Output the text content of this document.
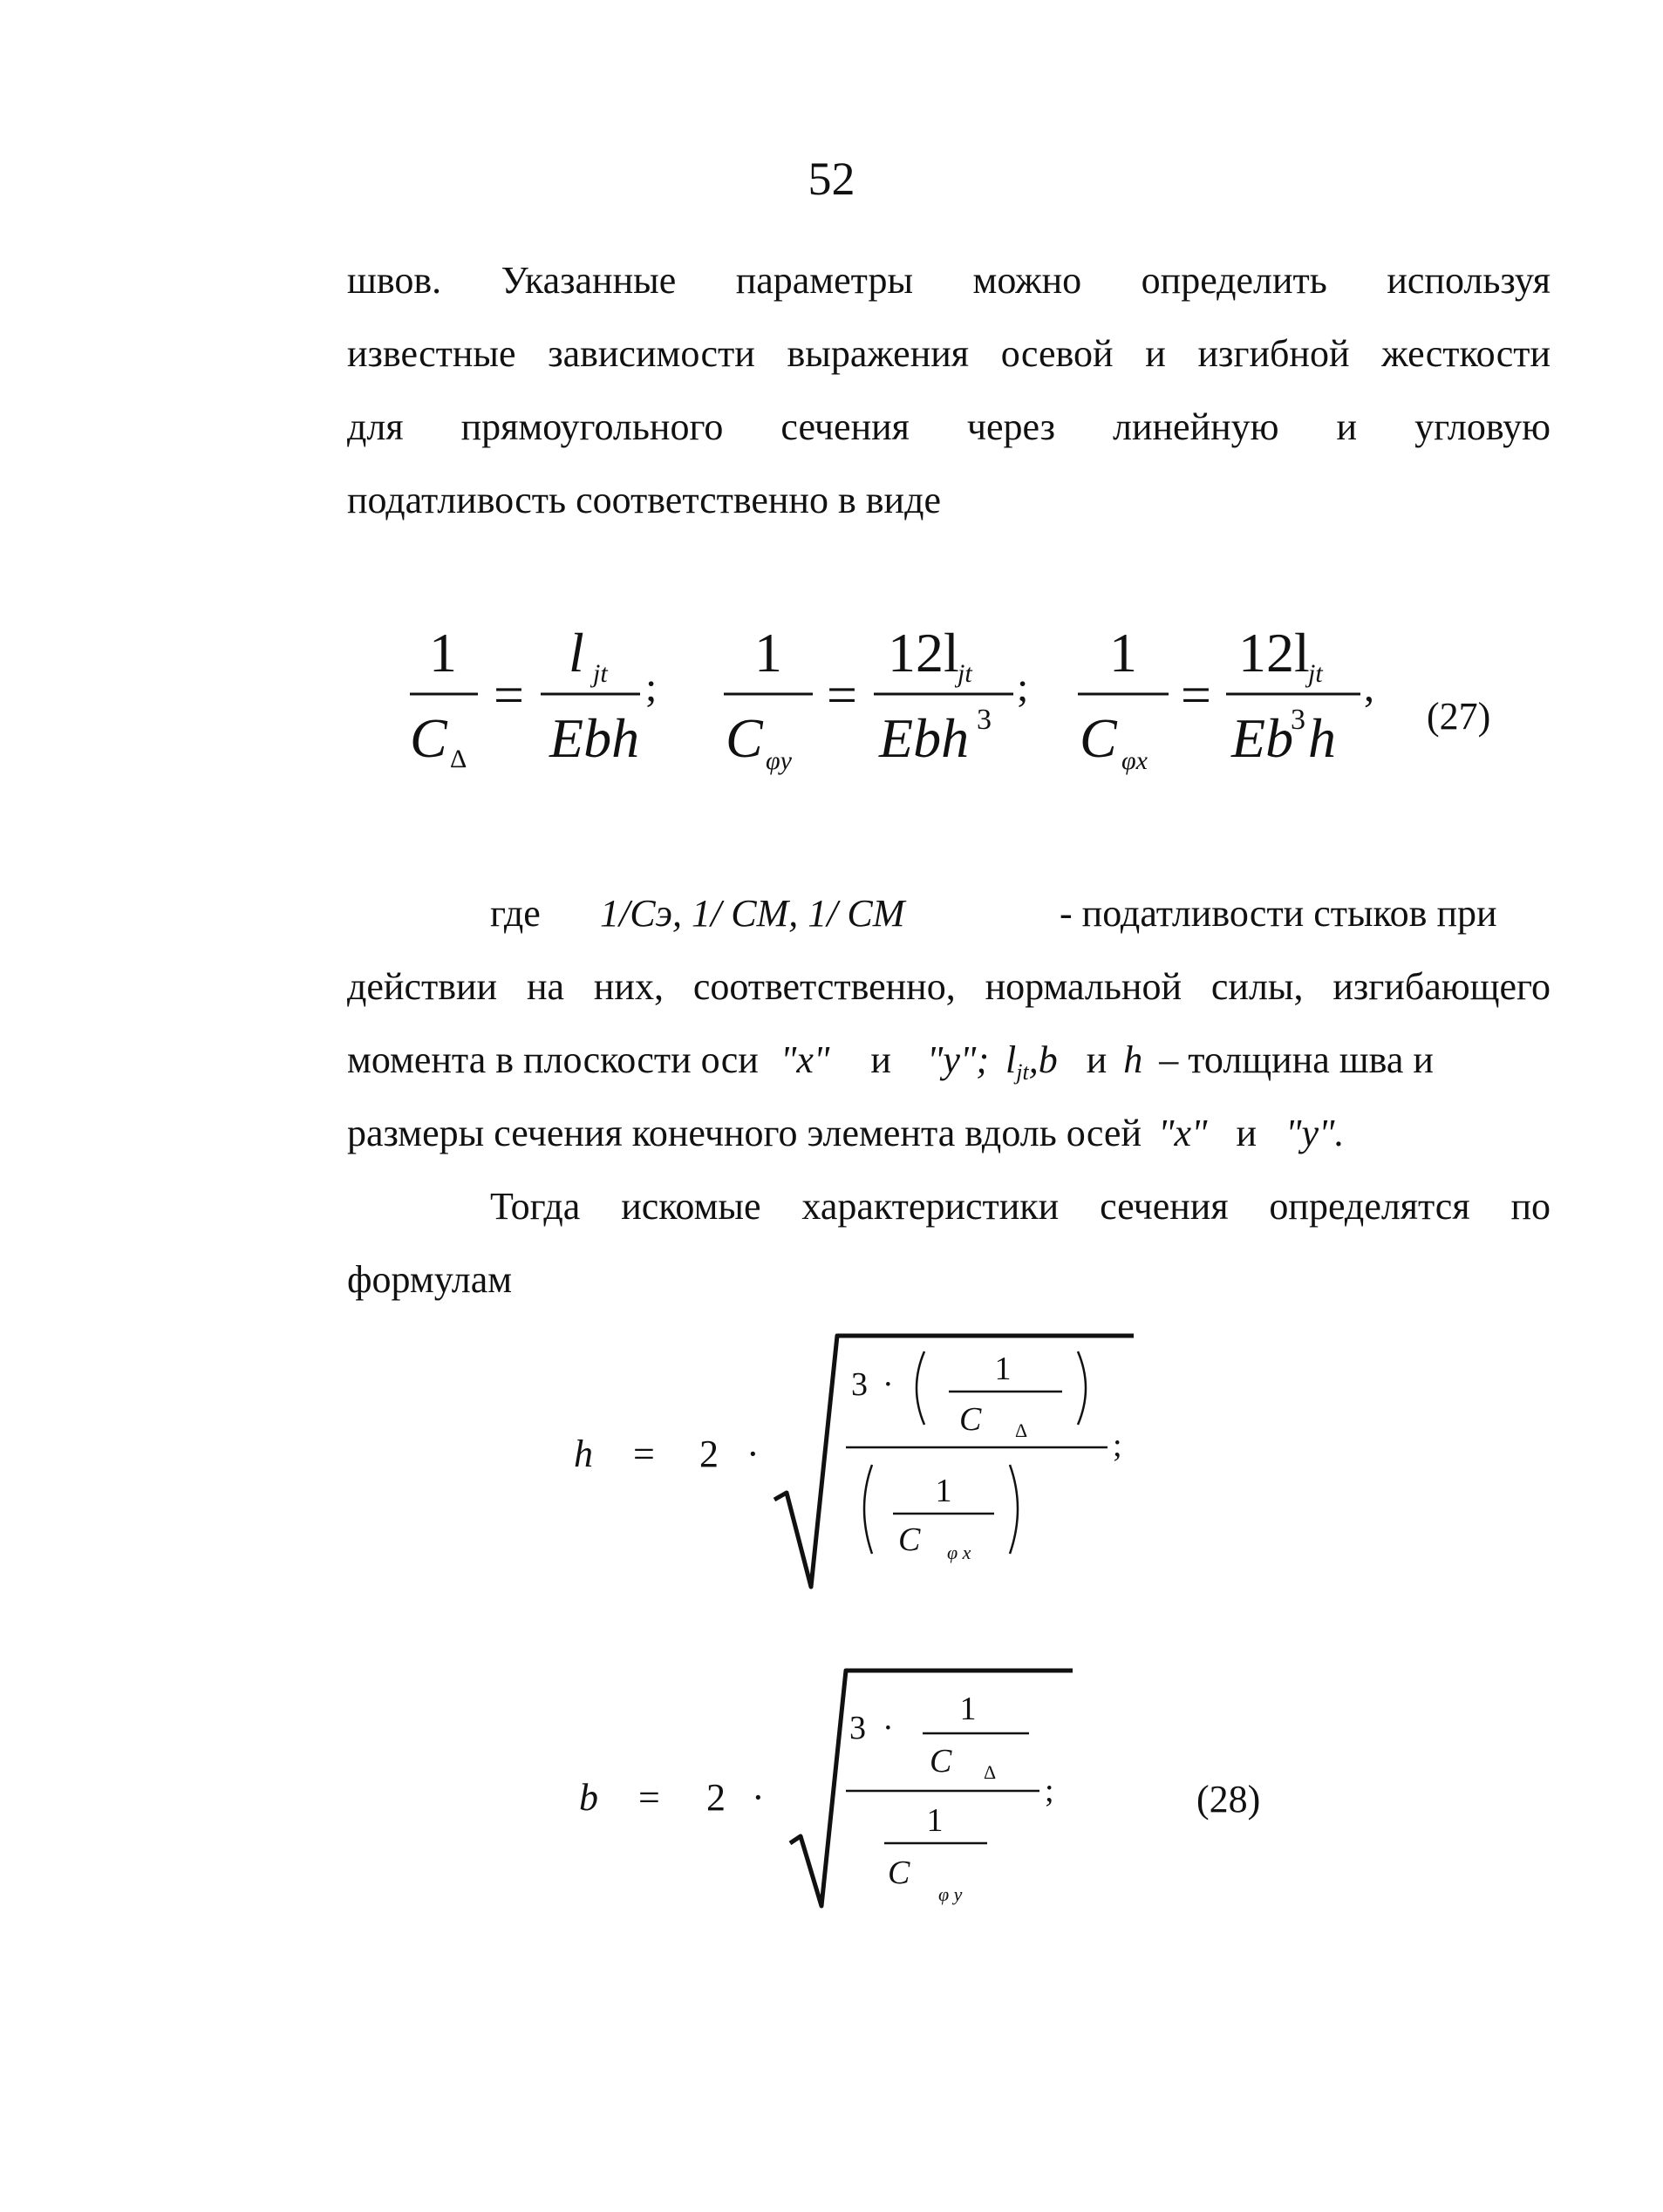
52
швов. Указанные параметры можно определить используя
известные зависимости выражения осевой и изгибной жесткости
для прямоугольного сечения через линейную и угловую
податливость соответственно в виде
1
C Δ
=
l jt
Ebh
;
1
C φy
=
12l
jt
Ebh 3
;
1
C φx
=
12l
jt
Eb
3 h
,
(27)
где 1/Cэ, 1/ CМ, 1/ CМ	- податливости стыков при
действии на них, соответственно, нормальной силы, изгибающего
момента в плоскости оси "x" и "y"; $l_{jt},b$ и h – толщина шва и
размеры сечения конечного элемента вдоль осей "x" и "y".
Тогда искомые характеристики сечения определятся по
формулам
h = 2 ·
3 ·	1
C Δ	;
1
C φ x
b = 2 ·
3 ·
1
C Δ
;
1
C
φ y
(28)
